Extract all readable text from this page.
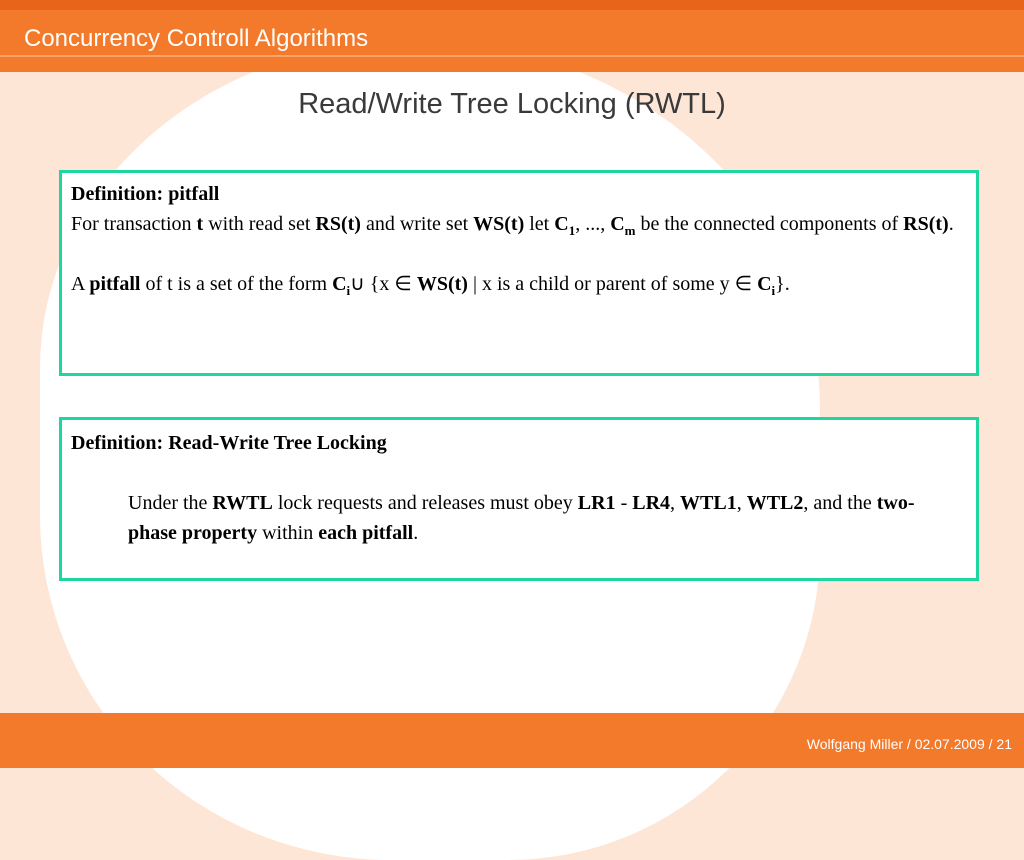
Concurrency Controll Algorithms
Read/Write Tree Locking (RWTL)

Definition: pitfall

For transaction t with read set RS(t) and write set WS(t) let $C_1$, ..., $C_m$ be the connected components of RS(t).

A pitfall of t is a set of the form $C_i\cup$ {x ∈ WS(t) | x is a child or parent of some y ∈ $C_i$}.

Definition: Read-Write Tree Locking

Under the RWTL lock requests and releases must obey LR1 - LR4, WTL1, WTL2, and the two-phase property within each pitfall.

Wolfgang Miller / 02.07.2009 / 21
